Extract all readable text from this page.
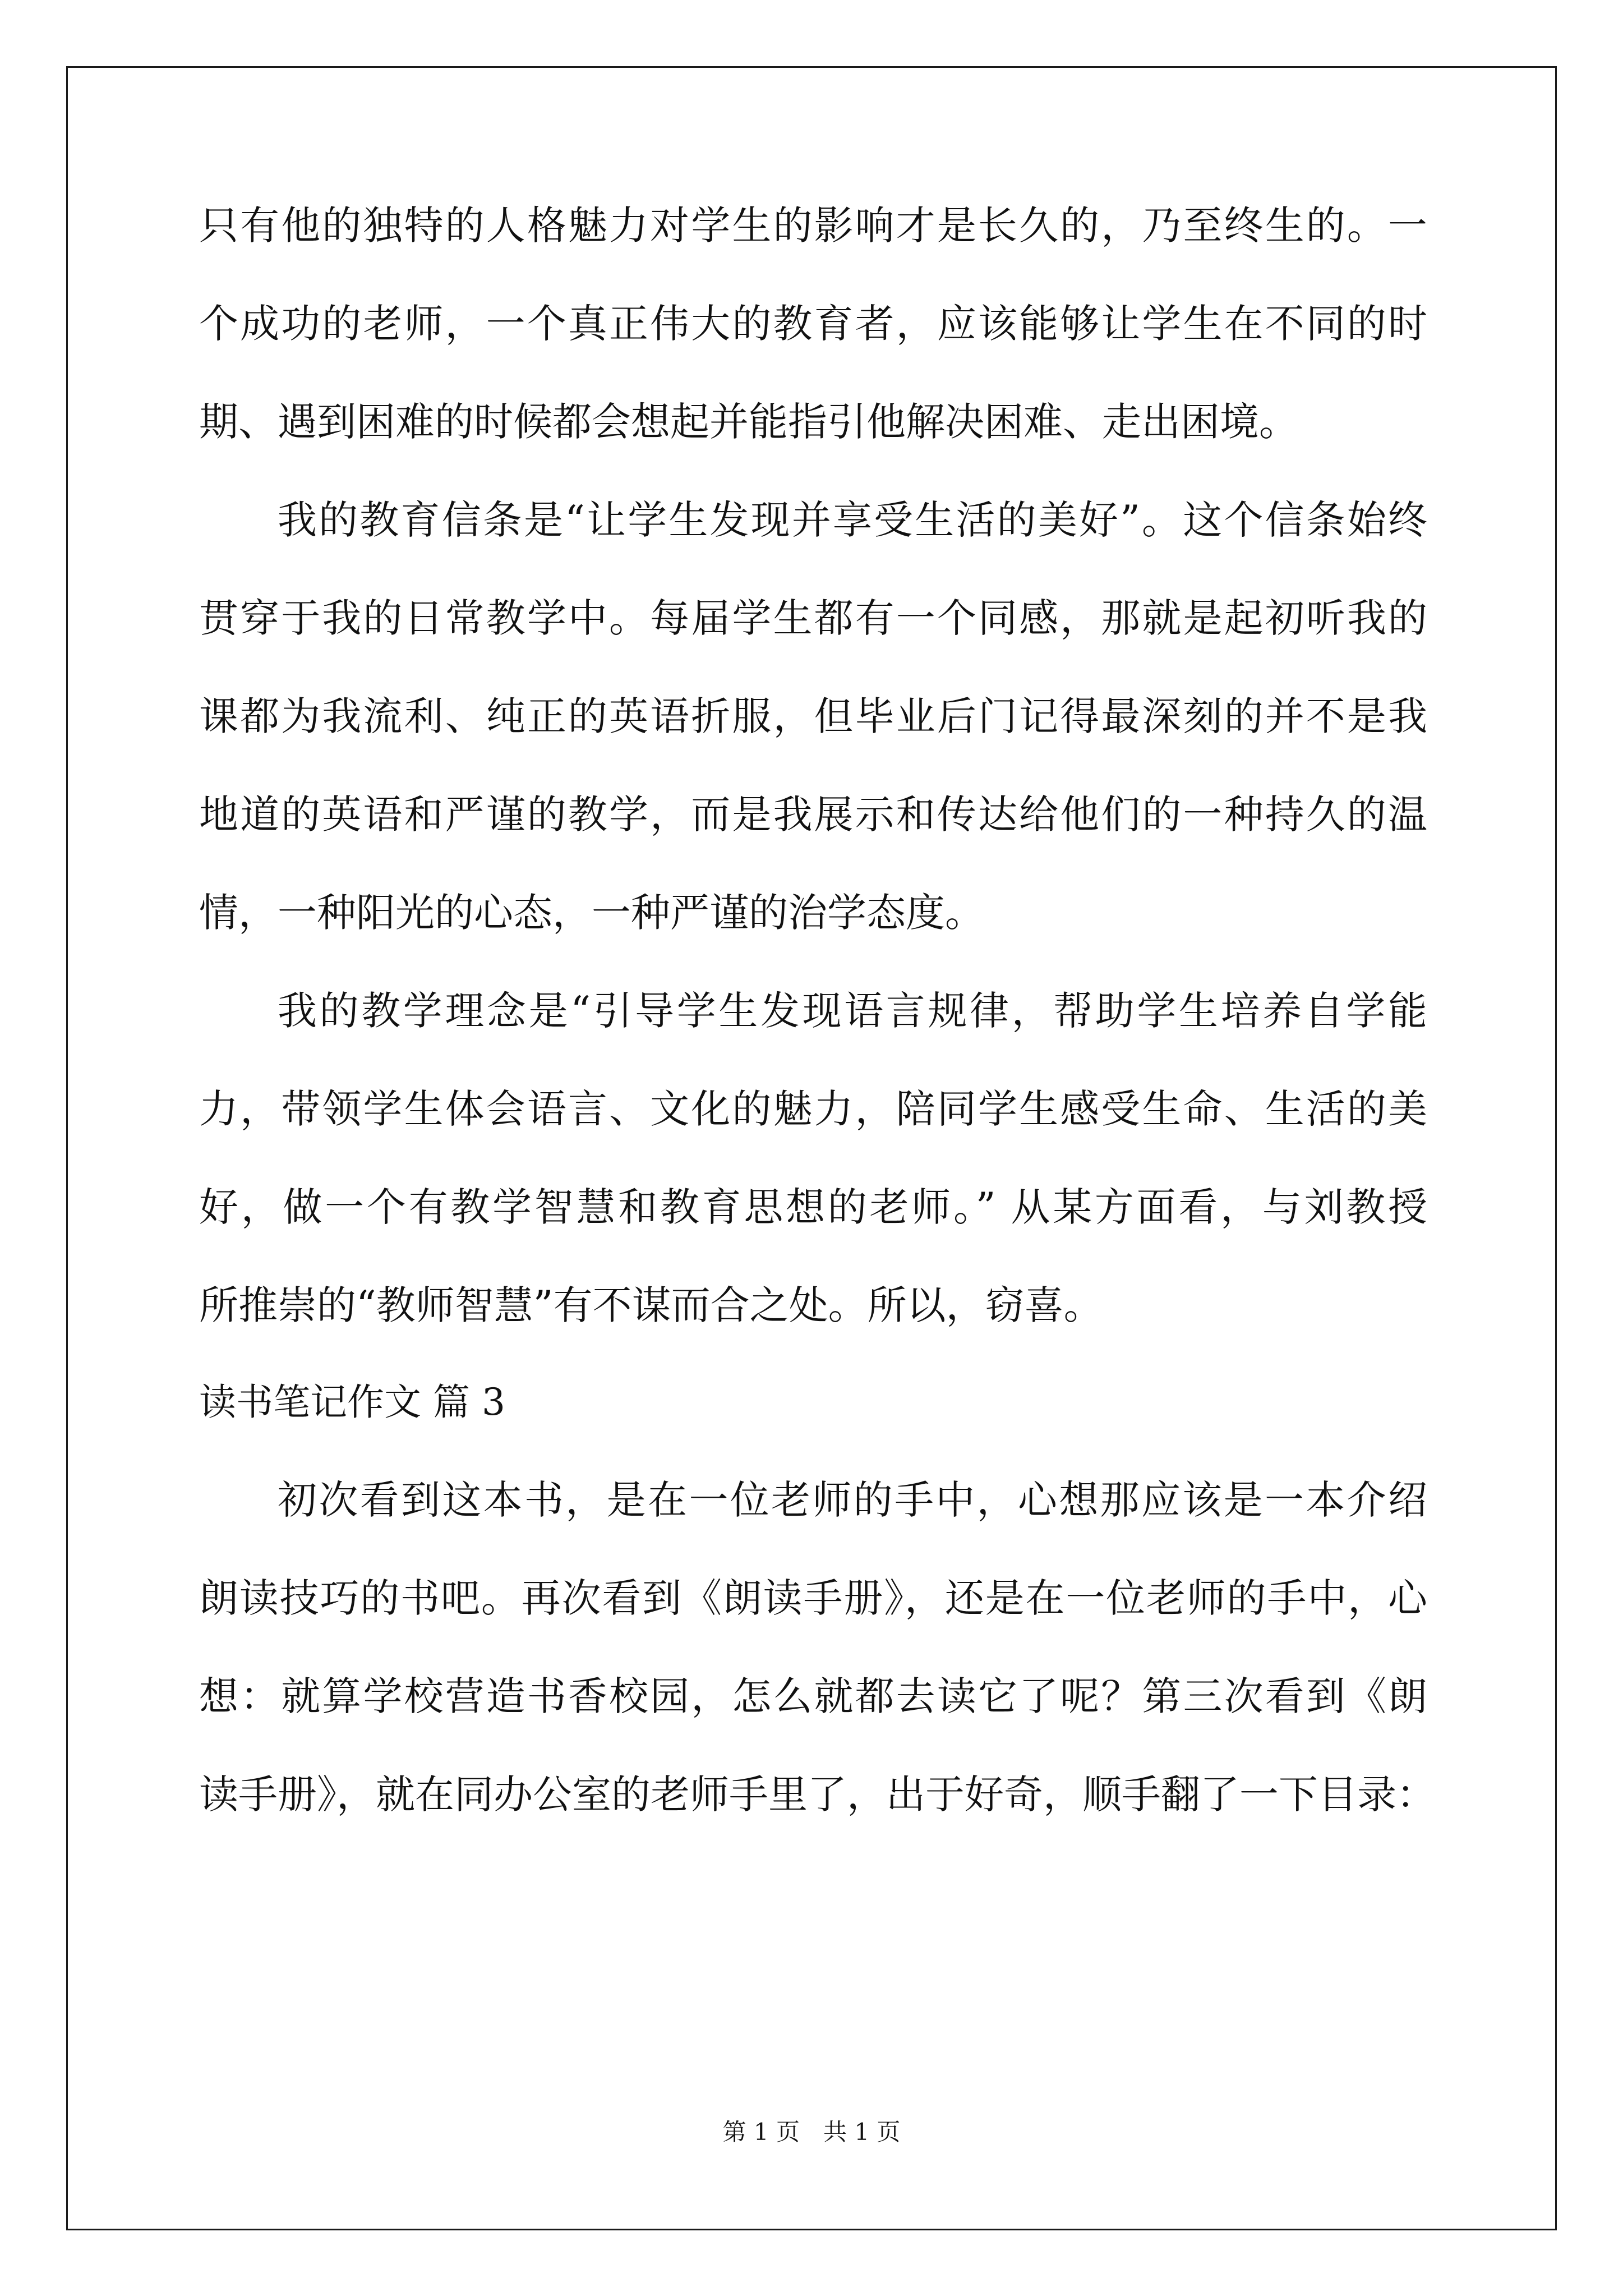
只有他的独特的人格魅力对学生的影响才是长久的，乃至终生的。一
个成功的老师，一个真正伟大的教育者，应该能够让学生在不同的时
期、遇到困难的时候都会想起并能指引他解决困难、走出困境。
我的教育信条是“让学生发现并享受生活的美好”。这个信条始终
贯穿于我的日常教学中。每届学生都有一个同感，那就是起初听我的
课都为我流利、纯正的英语折服，但毕业后门记得最深刻的并不是我
地道的英语和严谨的教学，而是我展示和传达给他们的一种持久的温
情，一种阳光的心态，一种严谨的治学态度。
我的教学理念是“引导学生发现语言规律，帮助学生培养自学能
力，带领学生体会语言、文化的魅力，陪同学生感受生命、生活的美
好，做一个有教学智慧和教育思想的老师。” 从某方面看，与刘教授
所推崇的“教师智慧”有不谋而合之处。所以，窃喜。
读书笔记作文 篇 3
初次看到这本书，是在一位老师的手中，心想那应该是一本介绍
朗读技巧的书吧。再次看到《朗读手册》，还是在一位老师的手中，心
想：就算学校营造书香校园，怎么就都去读它了呢？第三次看到《朗
读手册》，就在同办公室的老师手里了，出于好奇，顺手翻了一下目录：
第 1 页　共 1 页
